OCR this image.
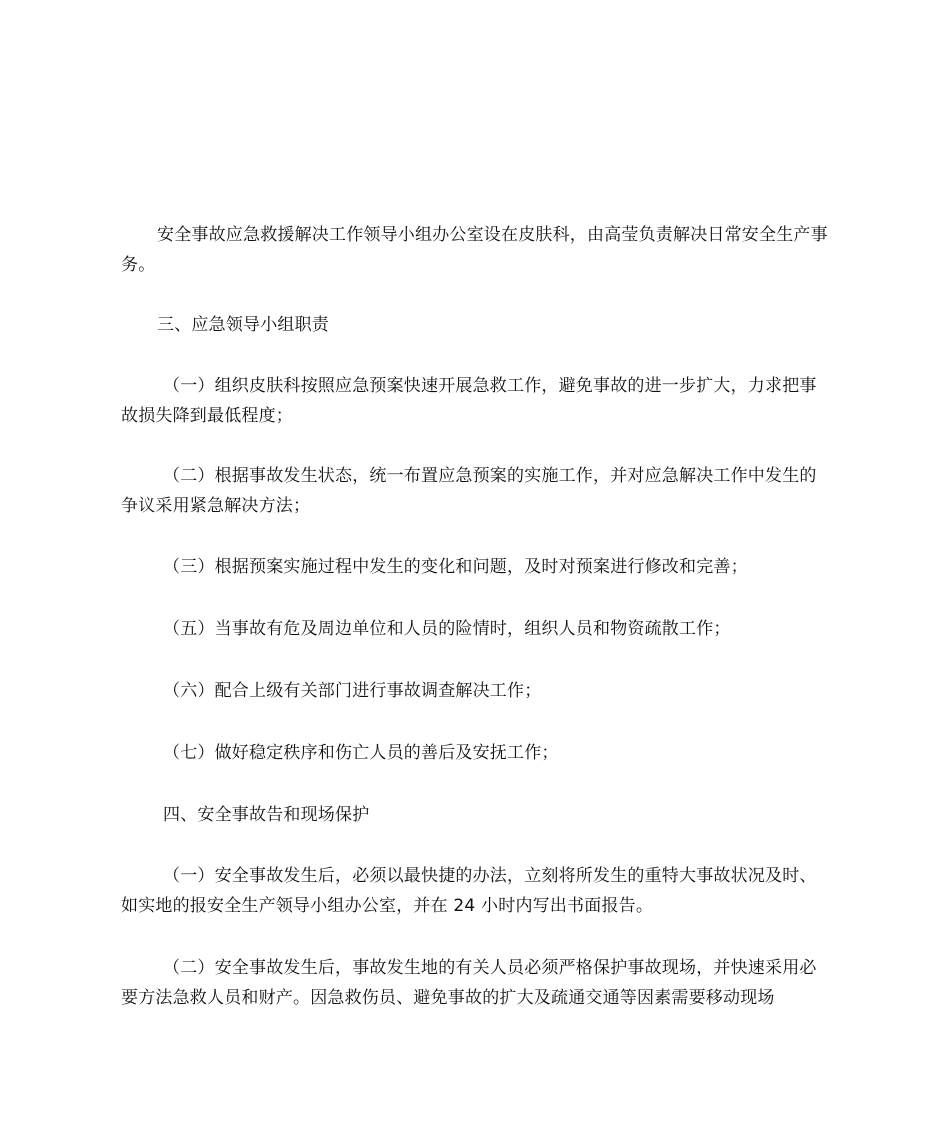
安全事故应急救援解决工作领导小组办公室设在皮肤科，由高莹负责解决日常安全生产事务。

三、应急领导小组职责

（一）组织皮肤科按照应急预案快速开展急救工作，避免事故的进一步扩大，力求把事故损失降到最低程度；

（二）根据事故发生状态，统一布置应急预案的实施工作，并对应急解决工作中发生的争议采用紧急解决方法；

（三）根据预案实施过程中发生的变化和问题，及时对预案进行修改和完善；

（五）当事故有危及周边单位和人员的险情时，组织人员和物资疏散工作；

（六）配合上级有关部门进行事故调查解决工作；

（七）做好稳定秩序和伤亡人员的善后及安抚工作；

四、安全事故告和现场保护

（一）安全事故发生后，必须以最快捷的办法，立刻将所发生的重特大事故状况及时、如实地的报安全生产领导小组办公室，并在 24 小时内写出书面报告。

（二）安全事故发生后，事故发生地的有关人员必须严格保护事故现场，并快速采用必要方法急救人员和财产。因急救伤员、避免事故的扩大及疏通交通等因素需要移动现场
